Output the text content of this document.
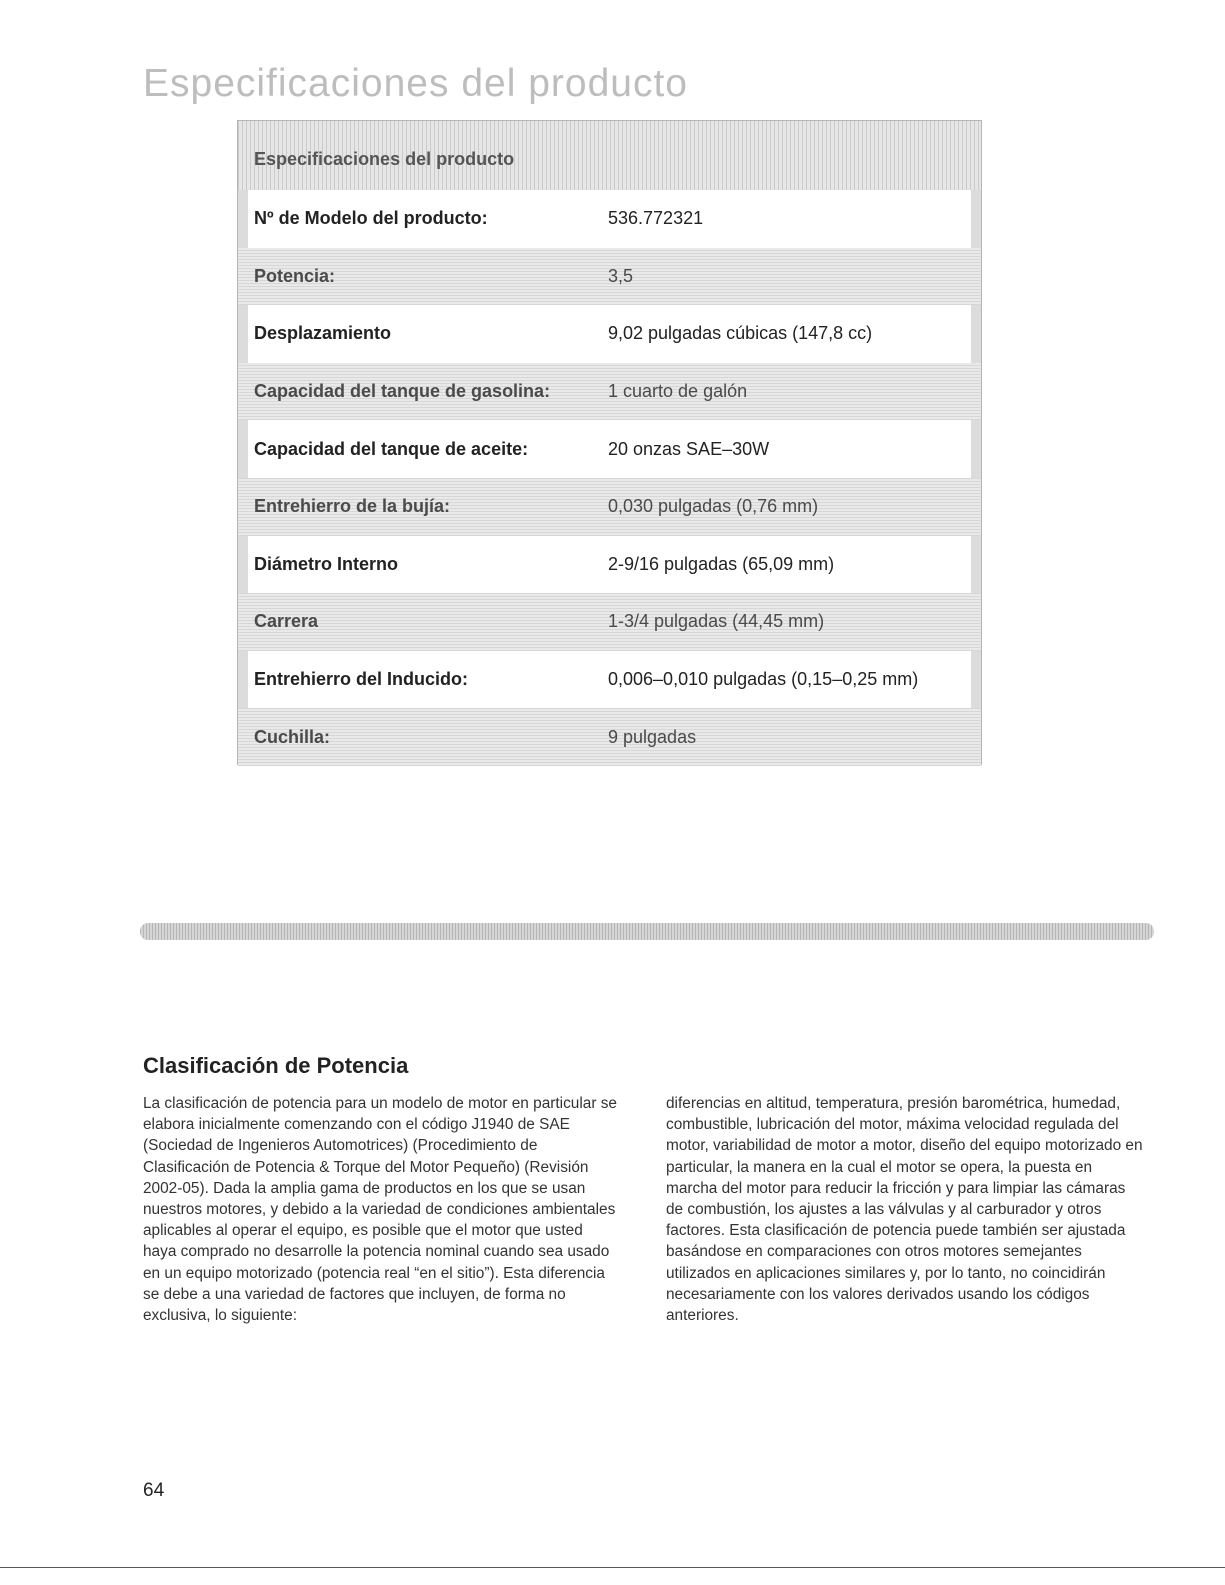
Especificaciones del producto
Especificaciones del producto
Nº de Modelo del producto:	536.772321
Potencia:	3,5
Desplazamiento	9,02 pulgadas cúbicas (147,8 cc)
Capacidad del tanque de gasolina:	1 cuarto de galón
Capacidad del tanque de aceite:	20 onzas SAE–30W
Entrehierro de la bujía:	0,030 pulgadas (0,76 mm)
Diámetro Interno	2-9/16 pulgadas (65,09 mm)
Carrera	1-3/4 pulgadas (44,45 mm)
Entrehierro del Inducido:	0,006–0,010 pulgadas (0,15–0,25 mm)
Cuchilla:	9 pulgadas
Clasificación de Potencia

La clasificación de potencia para un modelo de motor en particular se elabora inicialmente comenzando con el código J1940 de SAE (Sociedad de Ingenieros Automotrices) (Procedimiento de Clasificación de Potencia & Torque del Motor Pequeño) (Revisión 2002-05). Dada la amplia gama de productos en los que se usan nuestros motores, y debido a la variedad de condiciones ambientales aplicables al operar el equipo, es posible que el motor que usted haya comprado no desarrolle la potencia nominal cuando sea usado en un equipo motorizado (potencia real “en el sitio”). Esta diferencia se debe a una variedad de factores que incluyen, de forma no exclusiva, lo siguiente:

diferencias en altitud, temperatura, presión barométrica, humedad, combustible, lubricación del motor, máxima velocidad regulada del motor, variabilidad de motor a motor, diseño del equipo motorizado en particular, la manera en la cual el motor se opera, la puesta en marcha del motor para reducir la fricción y para limpiar las cámaras de combustión, los ajustes a las válvulas y al carburador y otros factores. Esta clasificación de potencia puede también ser ajustada basándose en comparaciones con otros motores semejantes utilizados en aplicaciones similares y, por lo tanto, no coincidirán necesariamente con los valores derivados usando los códigos anteriores.

64
